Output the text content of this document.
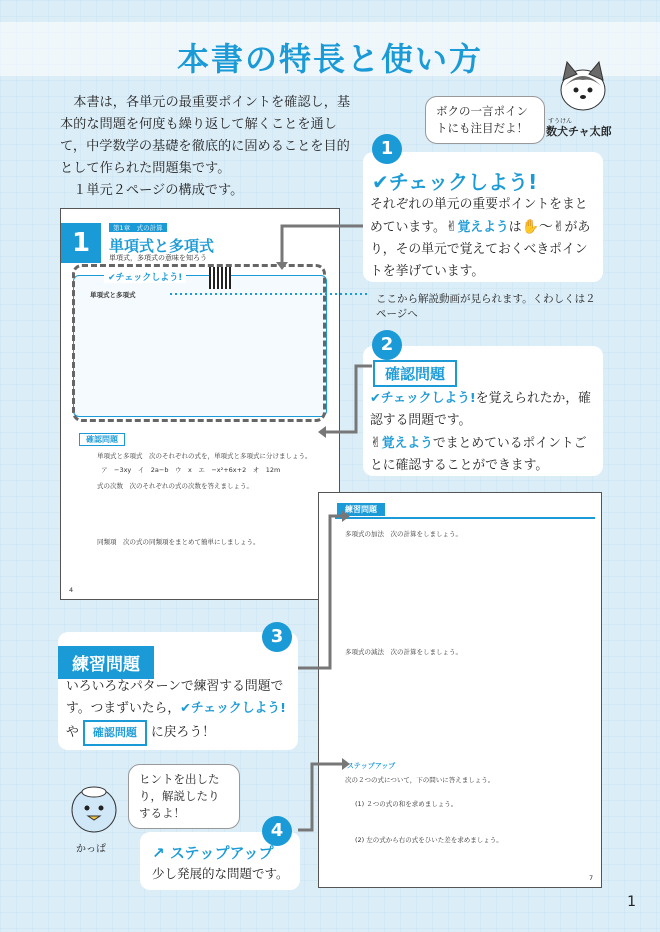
本書の特長と使い方

本書は，各単元の最重要ポイントを確認し，基本的な問題を何度も繰り返して解くことを通して，中学数学の基礎を徹底的に固めることを目的として作られた問題集です。

１単元２ページの構成です。

ボクの一言ポイントにも注目だよ！	すうけん
数犬チャ太郎
1
✔チェックしよう!
それぞれの単元の重要ポイントをまとめています。✌覚えようは✋〜✌があり，その単元で覚えておくべきポイントを挙げています。
ここから解説動画が見られます。くわしくは２ページへ
2
確認問題
✔チェックしよう!を覚えられたか，確認する問題です。
✌覚えようでまとめているポイントごとに確認することができます。
3
練習問題
いろいろなパターンで練習する問題です。つまずいたら，✔チェックしよう!
や 確認問題 に戻ろう！
ヒントを出したり，解説したりするよ！
かっぱ
4
↗ ステップアップ
少し発展的な問題です。
1	第1章　式の計算
単項式と多項式
単項式，多項式の意味を知ろう
✔チェックしよう!
単項式と多項式
確認問題
単項式と多項式　次のそれぞれの式を，単項式と多項式に分けましょう。
ア　−3xy　イ　2a−b　ウ　x　エ　−x²+6x+2　オ　12m
式の次数　次のそれぞれの式の次数を答えましょう。
同類項　次の式の同類項をまとめて簡単にしましょう。
4
練習問題
多項式の加法　次の計算をしましょう。
多項式の減法　次の計算をしましょう。
ステップアップ
次の２つの式について，下の問いに答えましょう。
(1) ２つの式の和を求めましょう。
(2) 左の式から右の式をひいた差を求めましょう。
7
1
